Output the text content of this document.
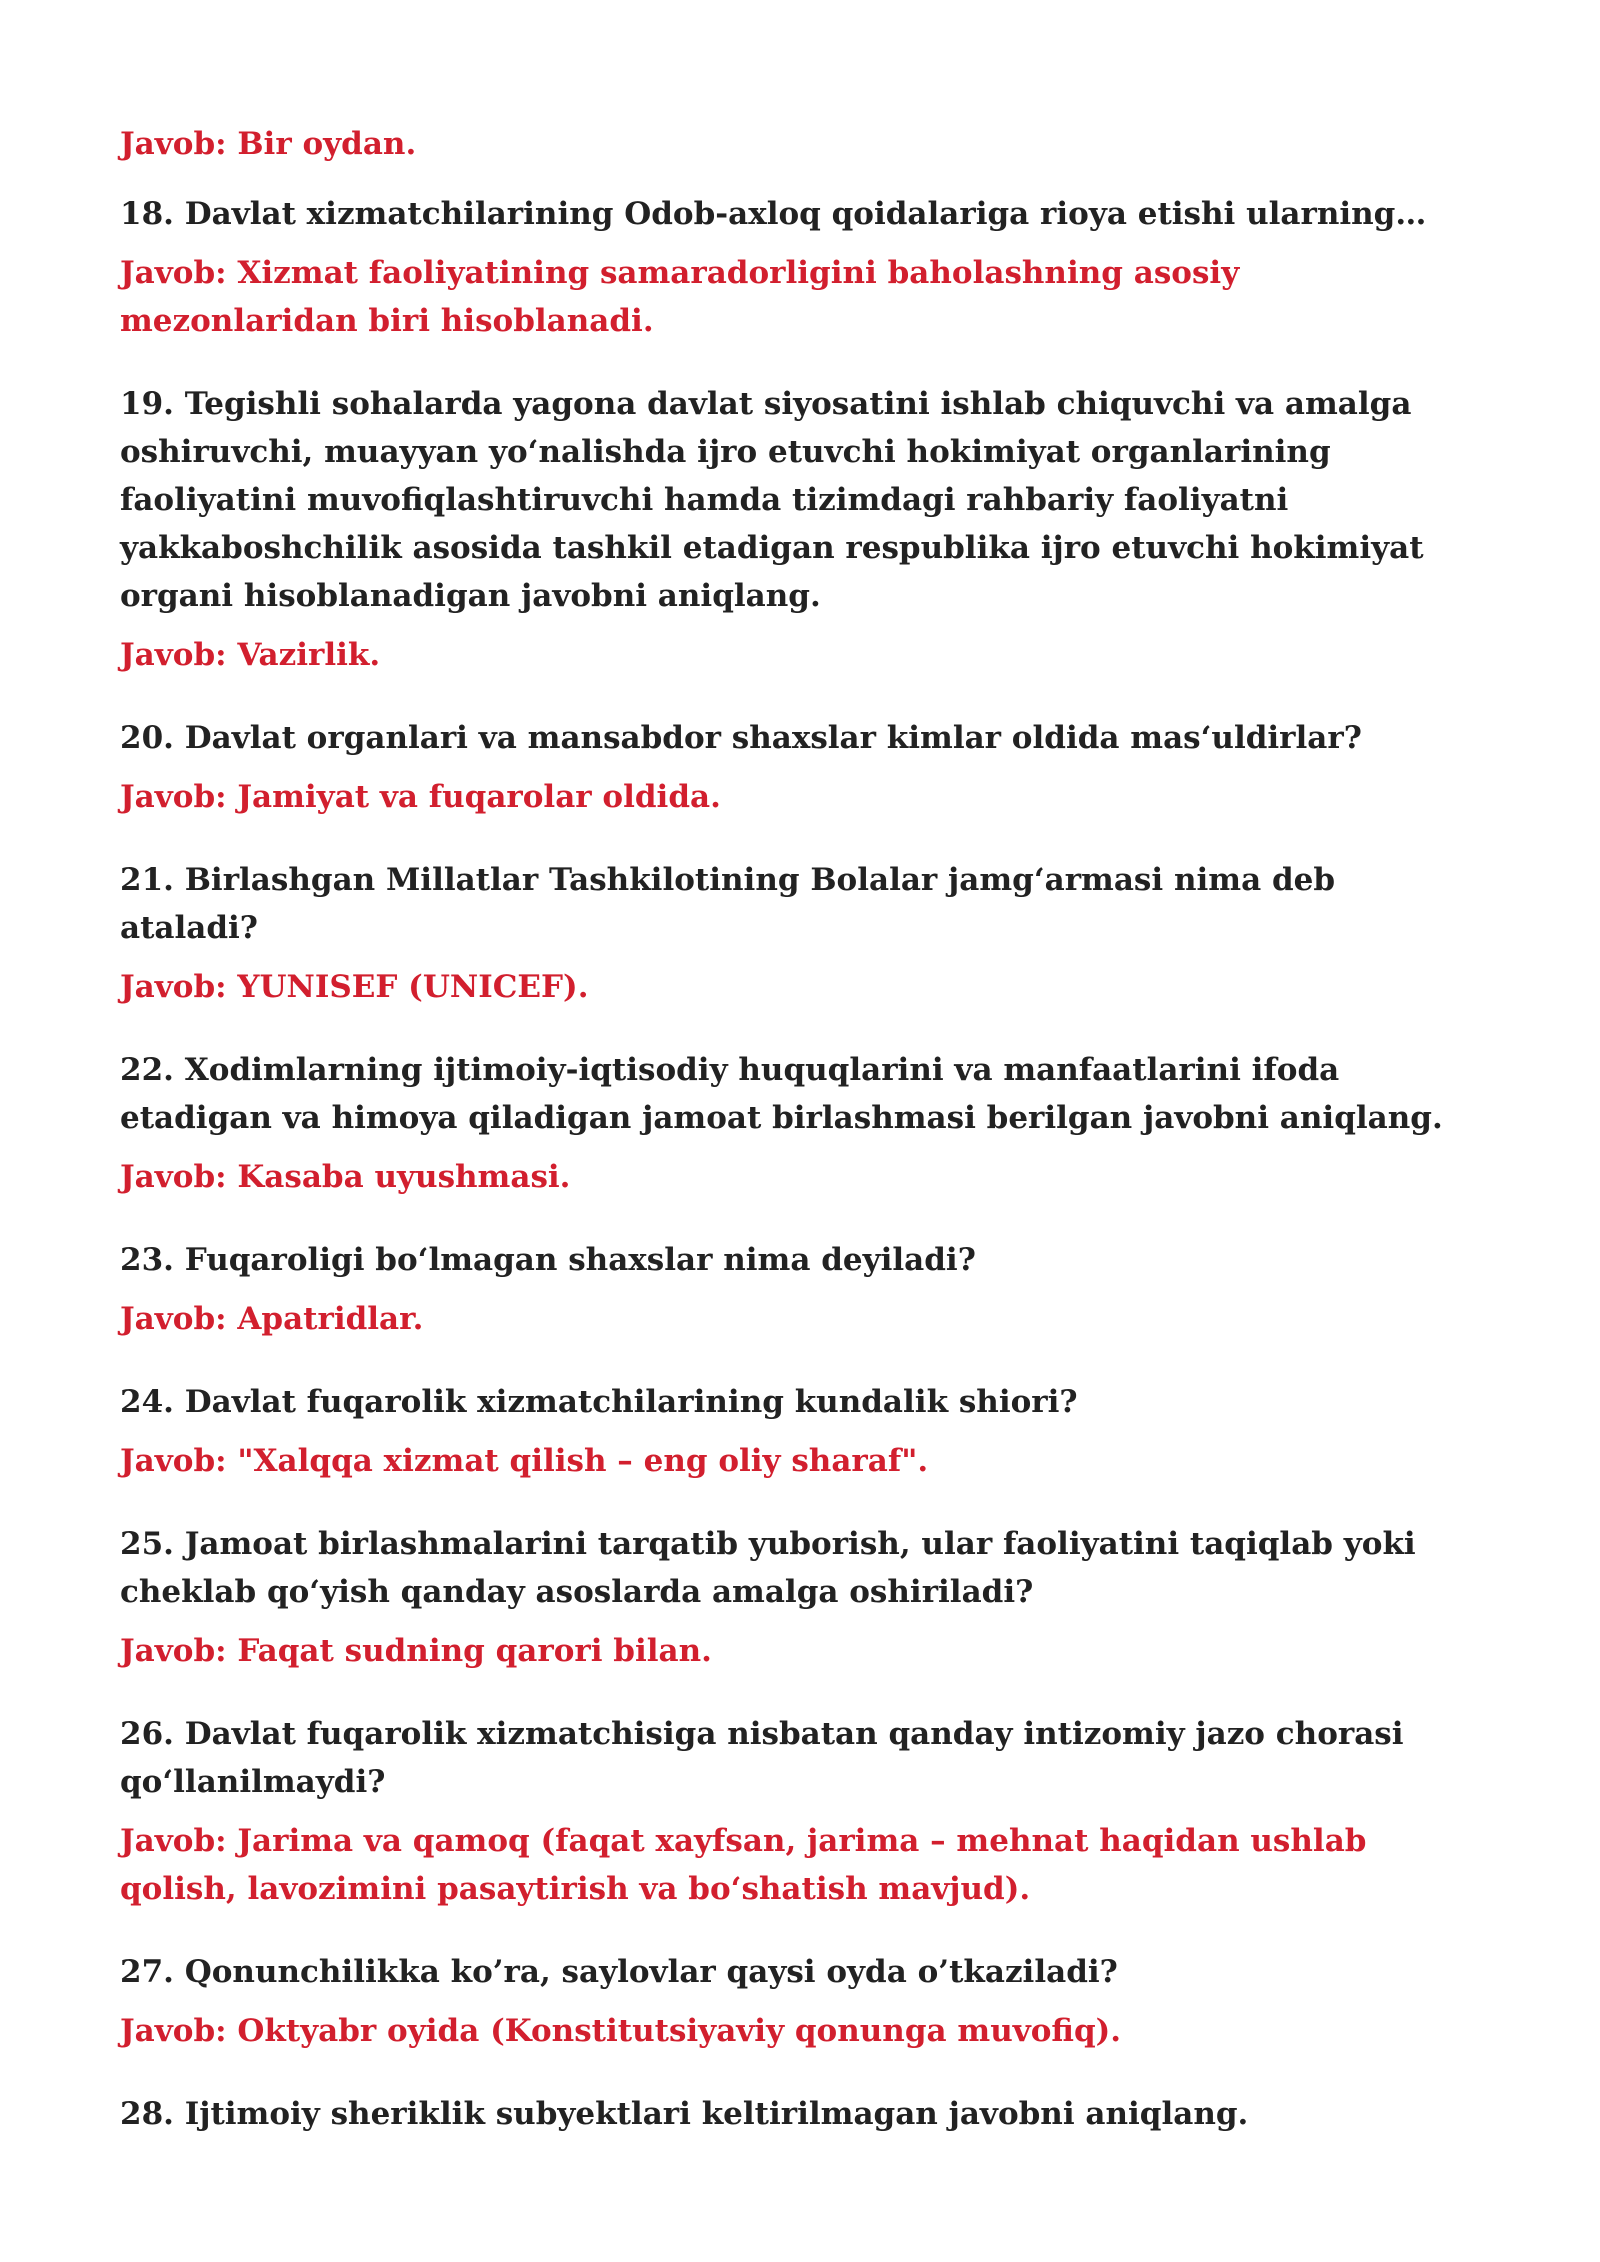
Javob: Bir oydan.

18. Davlat xizmatchilarining Odob-axloq qoidalariga rioya etishi ularning…

Javob: Xizmat faoliyatining samaradorligini baholashning asosiy mezonlaridan biri hisoblanadi.

19. Tegishli sohalarda yagona davlat siyosatini ishlab chiquvchi va amalga oshiruvchi, muayyan yo‘nalishda ijro etuvchi hokimiyat organlarining faoliyatini muvofiqlashtiruvchi hamda tizimdagi rahbariy faoliyatni yakkaboshchilik asosida tashkil etadigan respublika ijro etuvchi hokimiyat organi hisoblanadigan javobni aniqlang.

Javob: Vazirlik.

20. Davlat organlari va mansabdor shaxslar kimlar oldida mas‘uldirlar?

Javob: Jamiyat va fuqarolar oldida.

21. Birlashgan Millatlar Tashkilotining Bolalar jamg‘armasi nima deb ataladi?

Javob: YUNISEF (UNICEF).

22. Xodimlarning ijtimoiy-iqtisodiy huquqlarini va manfaatlarini ifoda etadigan va himoya qiladigan jamoat birlashmasi berilgan javobni aniqlang.

Javob: Kasaba uyushmasi.

23. Fuqaroligi bo‘lmagan shaxslar nima deyiladi?

Javob: Apatridlar.

24. Davlat fuqarolik xizmatchilarining kundalik shiori?

Javob: "Xalqqa xizmat qilish – eng oliy sharaf".

25. Jamoat birlashmalarini tarqatib yuborish, ular faoliyatini taqiqlab yoki cheklab qo‘yish qanday asoslarda amalga oshiriladi?

Javob: Faqat sudning qarori bilan.

26. Davlat fuqarolik xizmatchisiga nisbatan qanday intizomiy jazo chorasi qo‘llanilmaydi?

Javob: Jarima va qamoq (faqat xayfsan, jarima – mehnat haqidan ushlab qolish, lavozimini pasaytirish va bo‘shatish mavjud).

27. Qonunchilikka ko’ra, saylovlar qaysi oyda o’tkaziladi?

Javob: Oktyabr oyida (Konstitutsiyaviy qonunga muvofiq).

28. Ijtimoiy sheriklik subyektlari keltirilmagan javobni aniqlang.
